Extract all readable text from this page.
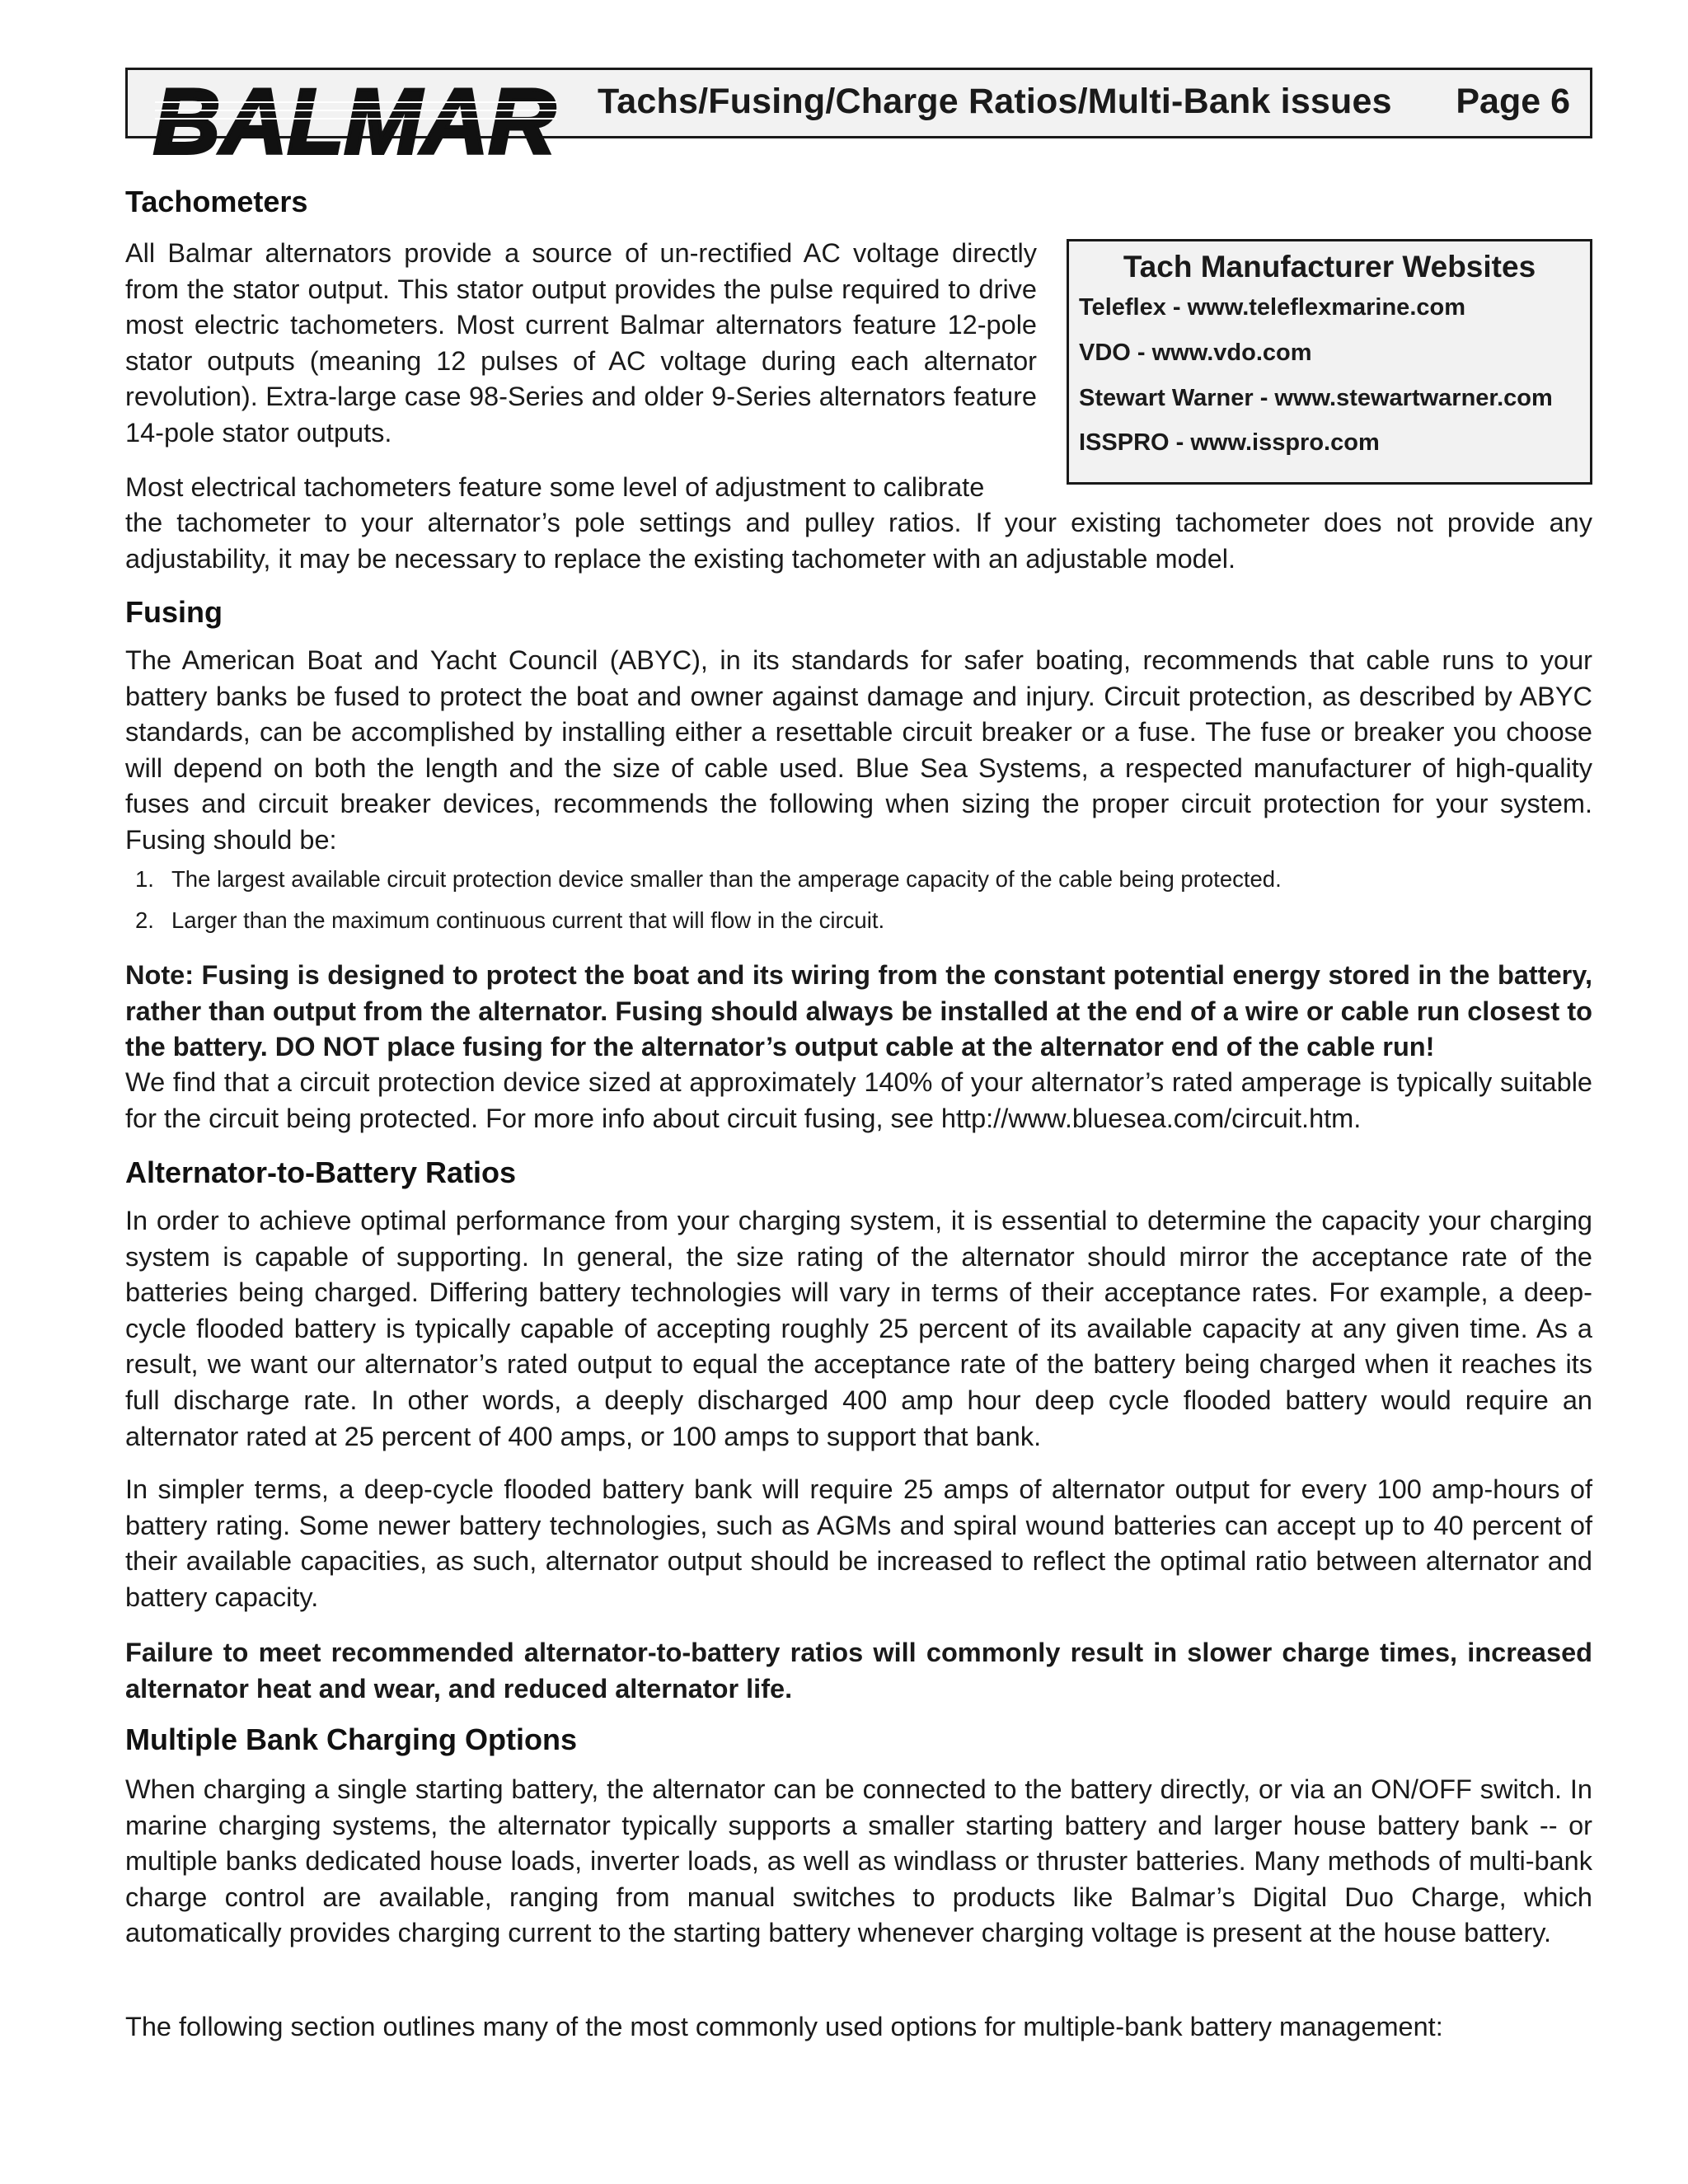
Tachs/Fusing/Charge Ratios/Multi-Bank issues Page 6
BALMAR
Tachometers

All Balmar alternators provide a source of un-rectified AC voltage directly from the stator output. This stator output provides the pulse required to drive most electric tachometers. Most current Balmar alternators feature 12-pole stator outputs (meaning 12 pulses of AC voltage during each alternator revolution). Extra-large case 98-Series and older 9-Series alternators feature 14-pole stator outputs.

Most electrical tachometers feature some level of adjustment to calibrate

the tachometer to your alternator’s pole settings and pulley ratios. If your existing tachometer does not provide any adjustability, it may be necessary to replace the existing tachometer with an adjustable model.

Tach Manufacturer Websites
Teleflex - www.teleflexmarine.com
VDO - www.vdo.com
Stewart Warner - www.stewartwarner.com
ISSPRO - www.isspro.com
Fusing

The American Boat and Yacht Council (ABYC), in its standards for safer boating, recommends that cable runs to your battery banks be fused to protect the boat and owner against damage and injury. Circuit protection, as described by ABYC standards, can be accomplished by installing either a resettable circuit breaker or a fuse. The fuse or breaker you choose will depend on both the length and the size of cable used. Blue Sea Systems, a respected manufacturer of high-quality fuses and circuit breaker devices, recommends the following when sizing the proper circuit protection for your system. Fusing should be:

1. The largest available circuit protection device smaller than the amperage capacity of the cable being protected.
2. Larger than the maximum continuous current that will flow in the circuit.

Note: Fusing is designed to protect the boat and its wiring from the constant potential energy stored in the battery, rather than output from the alternator. Fusing should always be installed at the end of a wire or cable run closest to the battery. DO NOT place fusing for the alternator’s output cable at the alternator end of the cable run!

We find that a circuit protection device sized at approximately 140% of your alternator’s rated amperage is typically suitable for the circuit being protected. For more info about circuit fusing, see http://www.bluesea.com/circuit.htm.

Alternator-to-Battery Ratios

In order to achieve optimal performance from your charging system, it is essential to determine the capacity your charging system is capable of supporting. In general, the size rating of the alternator should mirror the acceptance rate of the batteries being charged. Differing battery technologies will vary in terms of their acceptance rates. For example, a deep-cycle flooded battery is typically capable of accepting roughly 25 percent of its available capacity at any given time. As a result, we want our alternator’s rated output to equal the acceptance rate of the battery being charged when it reaches its full discharge rate. In other words, a deeply discharged 400 amp hour deep cycle flooded battery would require an alternator rated at 25 percent of 400 amps, or 100 amps to support that bank.

In simpler terms, a deep-cycle flooded battery bank will require 25 amps of alternator output for every 100 amp-hours of battery rating. Some newer battery technologies, such as AGMs and spiral wound batteries can accept up to 40 percent of their available capacities, as such, alternator output should be increased to reflect the optimal ratio between alternator and battery capacity.

Failure to meet recommended alternator-to-battery ratios will commonly result in slower charge times, increased alternator heat and wear, and reduced alternator life.

Multiple Bank Charging Options

When charging a single starting battery, the alternator can be connected to the battery directly, or via an ON/OFF switch. In marine charging systems, the alternator typically supports a smaller starting battery and larger house battery bank -- or multiple banks dedicated house loads, inverter loads, as well as windlass or thruster batteries. Many methods of multi-bank charge control are available, ranging from manual switches to products like Balmar’s Digital Duo Charge, which automatically provides charging current to the starting battery whenever charging voltage is present at the house battery.

The following section outlines many of the most commonly used options for multiple-bank battery management:
